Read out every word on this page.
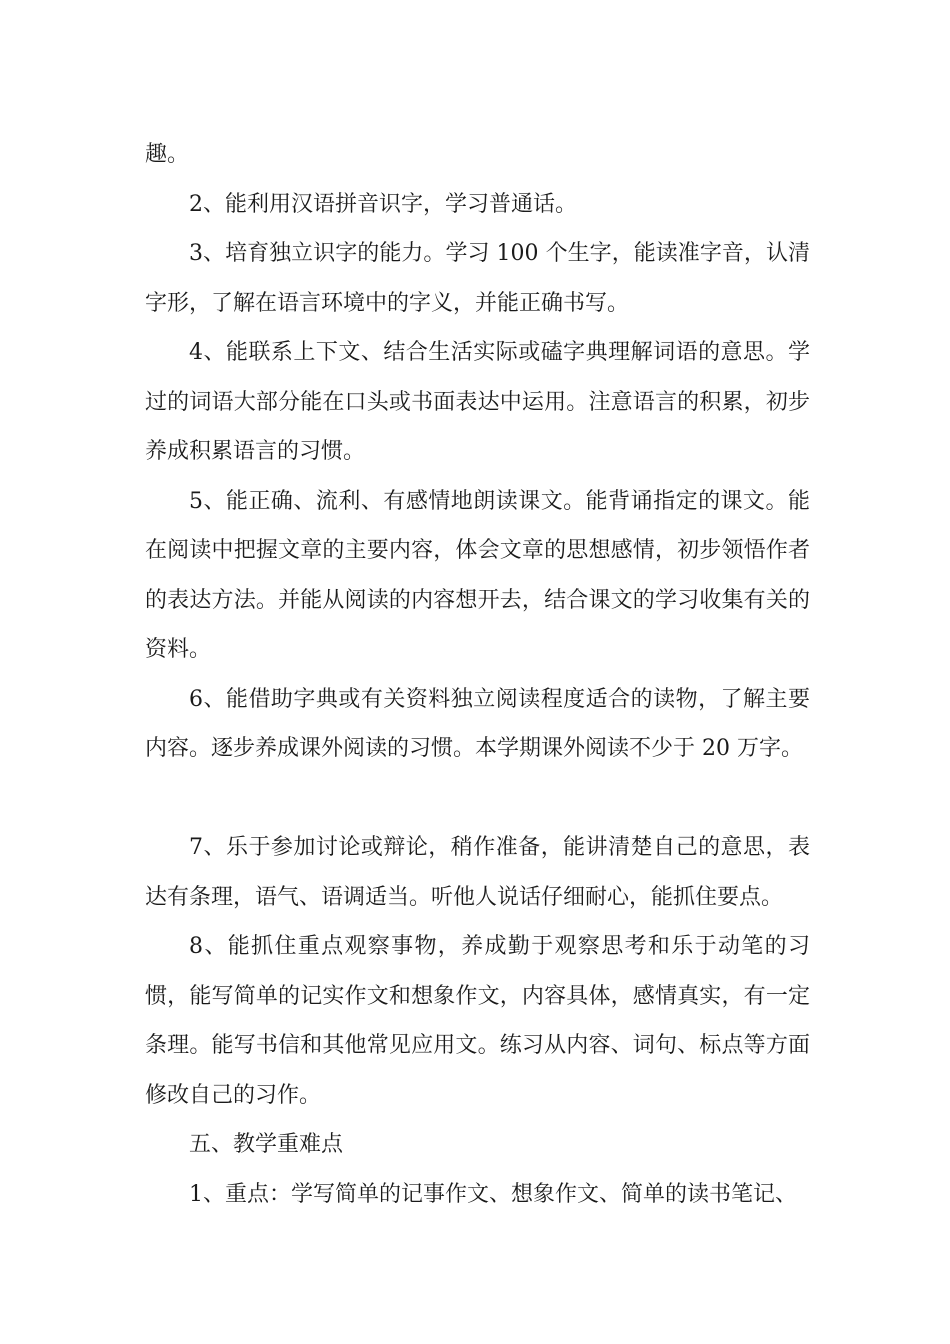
趣。

2、能利用汉语拼音识字，学习普通话。

3、培育独立识字的能力。学习 100 个生字，能读准字音，认清字形，了解在语言环境中的字义，并能正确书写。

4、能联系上下文、结合生活实际或磕字典理解词语的意思。学过的词语大部分能在口头或书面表达中运用。注意语言的积累，初步养成积累语言的习惯。

5、能正确、流利、有感情地朗读课文。能背诵指定的课文。能在阅读中把握文章的主要内容，体会文章的思想感情，初步领悟作者的表达方法。并能从阅读的内容想开去，结合课文的学习收集有关的资料。

6、能借助字典或有关资料独立阅读程度适合的读物，了解主要内容。逐步养成课外阅读的习惯。本学期课外阅读不少于 20 万字。

7、乐于参加讨论或辩论，稍作准备，能讲清楚自己的意思，表达有条理，语气、语调适当。听他人说话仔细耐心，能抓住要点。

8、能抓住重点观察事物，养成勤于观察思考和乐于动笔的习惯，能写简单的记实作文和想象作文，内容具体，感情真实，有一定条理。能写书信和其他常见应用文。练习从内容、词句、标点等方面修改自己的习作。

五、教学重难点

1、重点：学写简单的记事作文、想象作文、简单的读书笔记、
